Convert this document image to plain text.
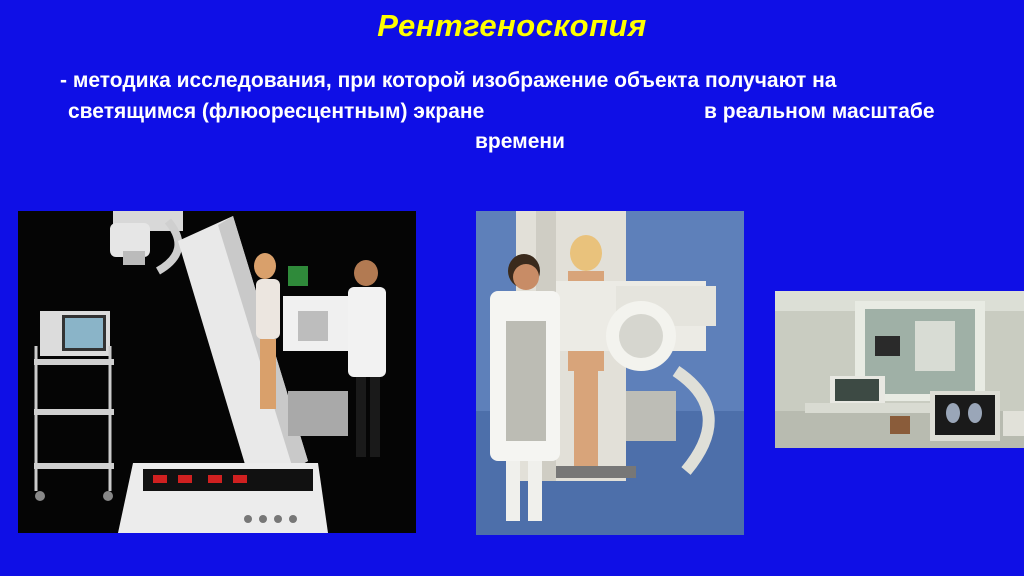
Рентгеноскопия
- методика исследования, при которой изображение объекта получают на
светящимся (флюоресцентным) экране	в реальном масштабе
времени
